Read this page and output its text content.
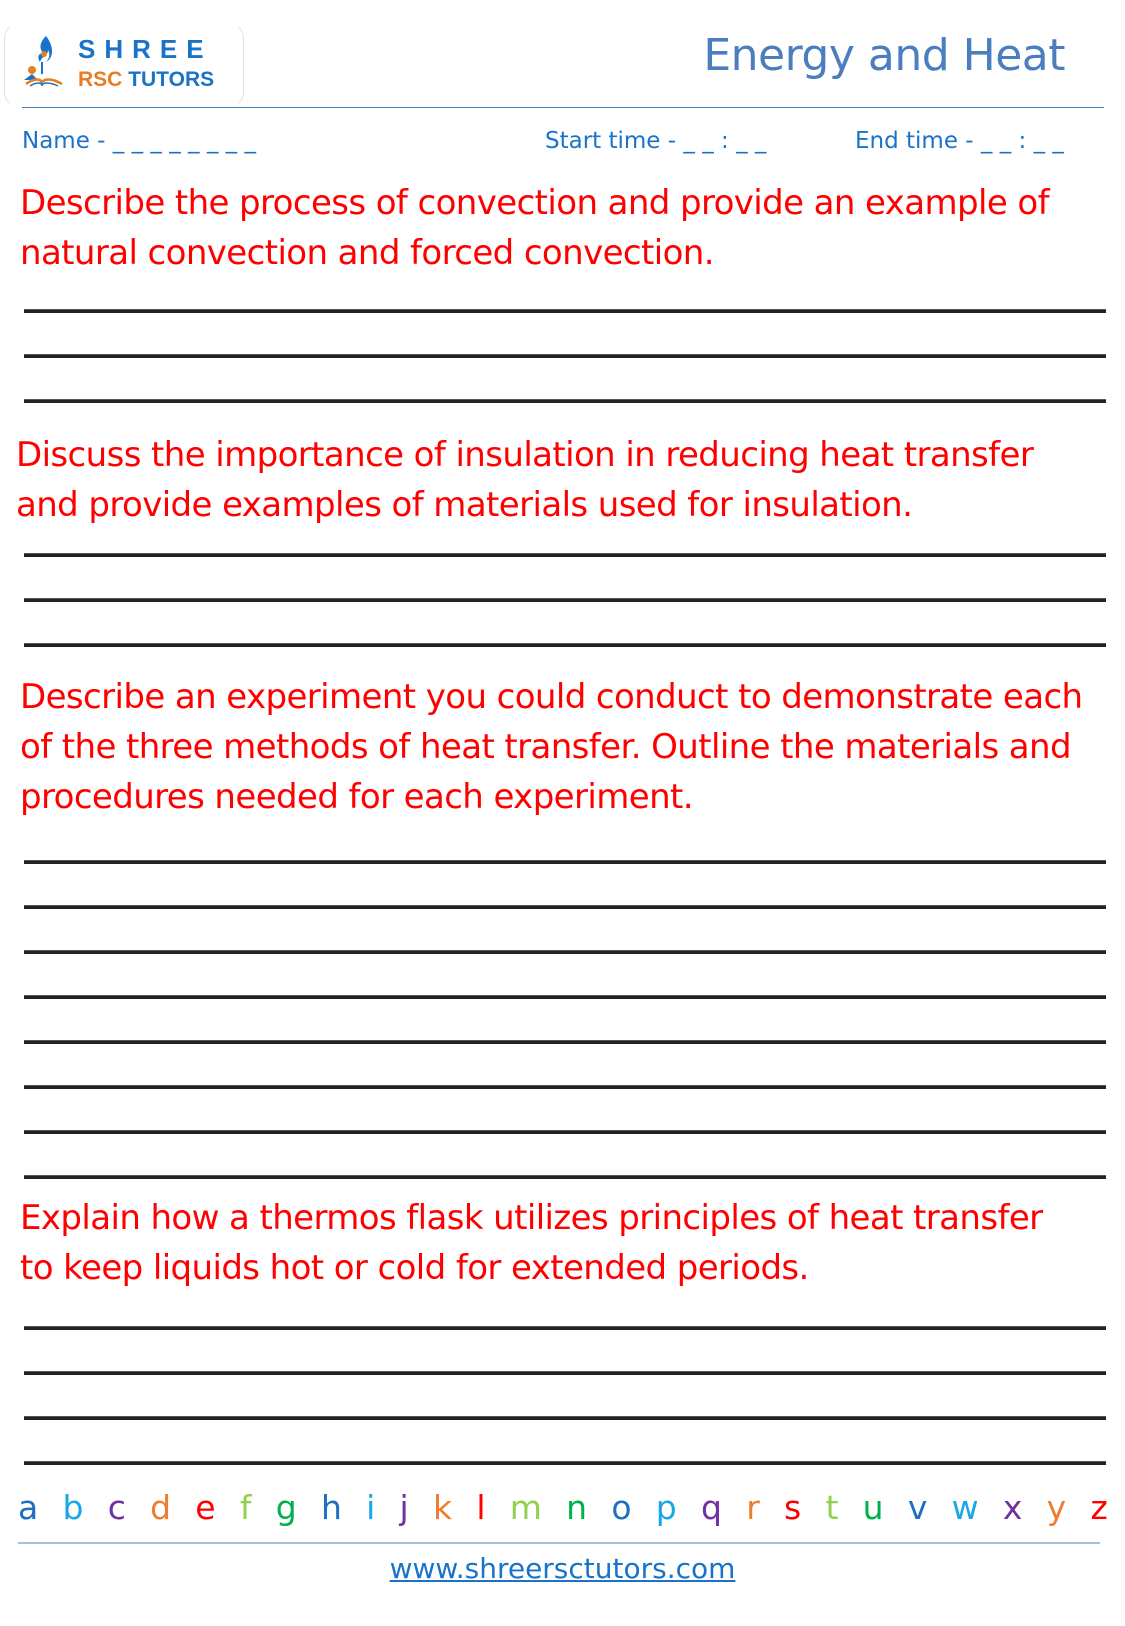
SHREE
RSC TUTORS	Energy and Heat
Name - _ _ _ _ _ _ _ _	Start time - _ _ : _ _	End time - _ _ : _ _
Describe the process of convection and provide an example of
natural convection and forced convection.
Discuss the importance of insulation in reducing heat transfer
and provide examples of materials used for insulation.
Describe an experiment you could conduct to demonstrate each
of the three methods of heat transfer. Outline the materials and
procedures needed for each experiment.
Explain how a thermos flask utilizes principles of heat transfer
to keep liquids hot or cold for extended periods.
a b c d e f g h i j k l m n o p q r s t u v w x y z
www.shreersctutors.com
